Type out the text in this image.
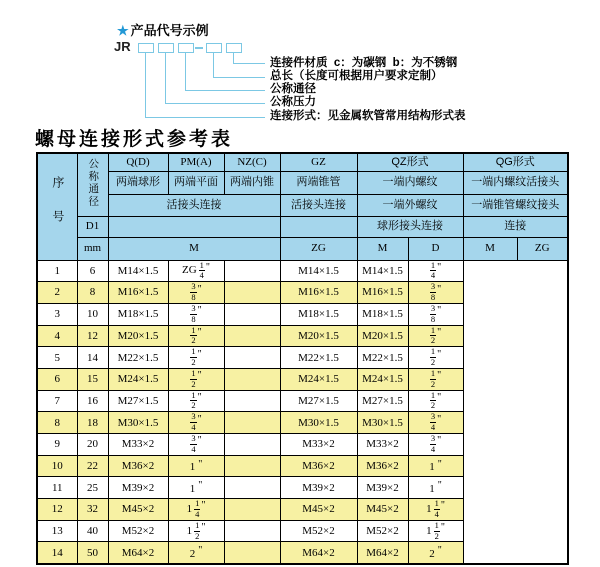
★ 产品代号示例
JR
连接件材质  c：为碳钢  b：为不锈钢
总长（长度可根据用户要求定制）
公称通径
公称压力
连接形式：见金属软管常用结构形式表
螺母连接形式参考表
序号	公称通径	Q(D)	PM(A)	NZ(C)	GZ	QZ形式		QG形式	
		两端球形	两端平面	两端内锥	两端锥管	一端内螺纹		一端内螺纹活接头	
		活接头连接			活接头连接	一端外螺纹		一端锥管螺纹接头	
	D1					球形接头连接		连接	
	mm	M			ZG	M	D	M	ZG
1	6	M14×1.5	ZG $\frac{1}{4}$ "		M14×1.5	M14×1.5	$\frac{1}{4}$ "		
2	8	M16×1.5	$\frac{3}{8}$ "		M16×1.5	M16×1.5	$\frac{3}{8}$ "		
3	10	M18×1.5	$\frac{3}{8}$ "		M18×1.5	M18×1.5	$\frac{3}{8}$ "		
4	12	M20×1.5	$\frac{1}{2}$ "		M20×1.5	M20×1.5	$\frac{1}{2}$ "		
5	14	M22×1.5	$\frac{1}{2}$ "		M22×1.5	M22×1.5	$\frac{1}{2}$ "		
6	15	M24×1.5	$\frac{1}{2}$ "		M24×1.5	M24×1.5	$\frac{1}{2}$ "		
7	16	M27×1.5	$\frac{1}{2}$ "		M27×1.5	M27×1.5	$\frac{1}{2}$ "		
8	18	M30×1.5	$\frac{3}{4}$ "		M30×1.5	M30×1.5	$\frac{3}{4}$ "		
9	20	M33×2	$\frac{3}{4}$ "		M33×2	M33×2	$\frac{3}{4}$ "		
10	22	M36×2	1 "		M36×2	M36×2	1 "		
11	25	M39×2	1 "		M39×2	M39×2	1 "		
12	32	M45×2	$1 \frac{1}{4}$ "		M45×2	M45×2	$1 \frac{1}{4}$ "		
13	40	M52×2	$1 \frac{1}{2}$ "		M52×2	M52×2	$1 \frac{1}{2}$ "		
14	50	M64×2	2 "		M64×2	M64×2	2 "		
